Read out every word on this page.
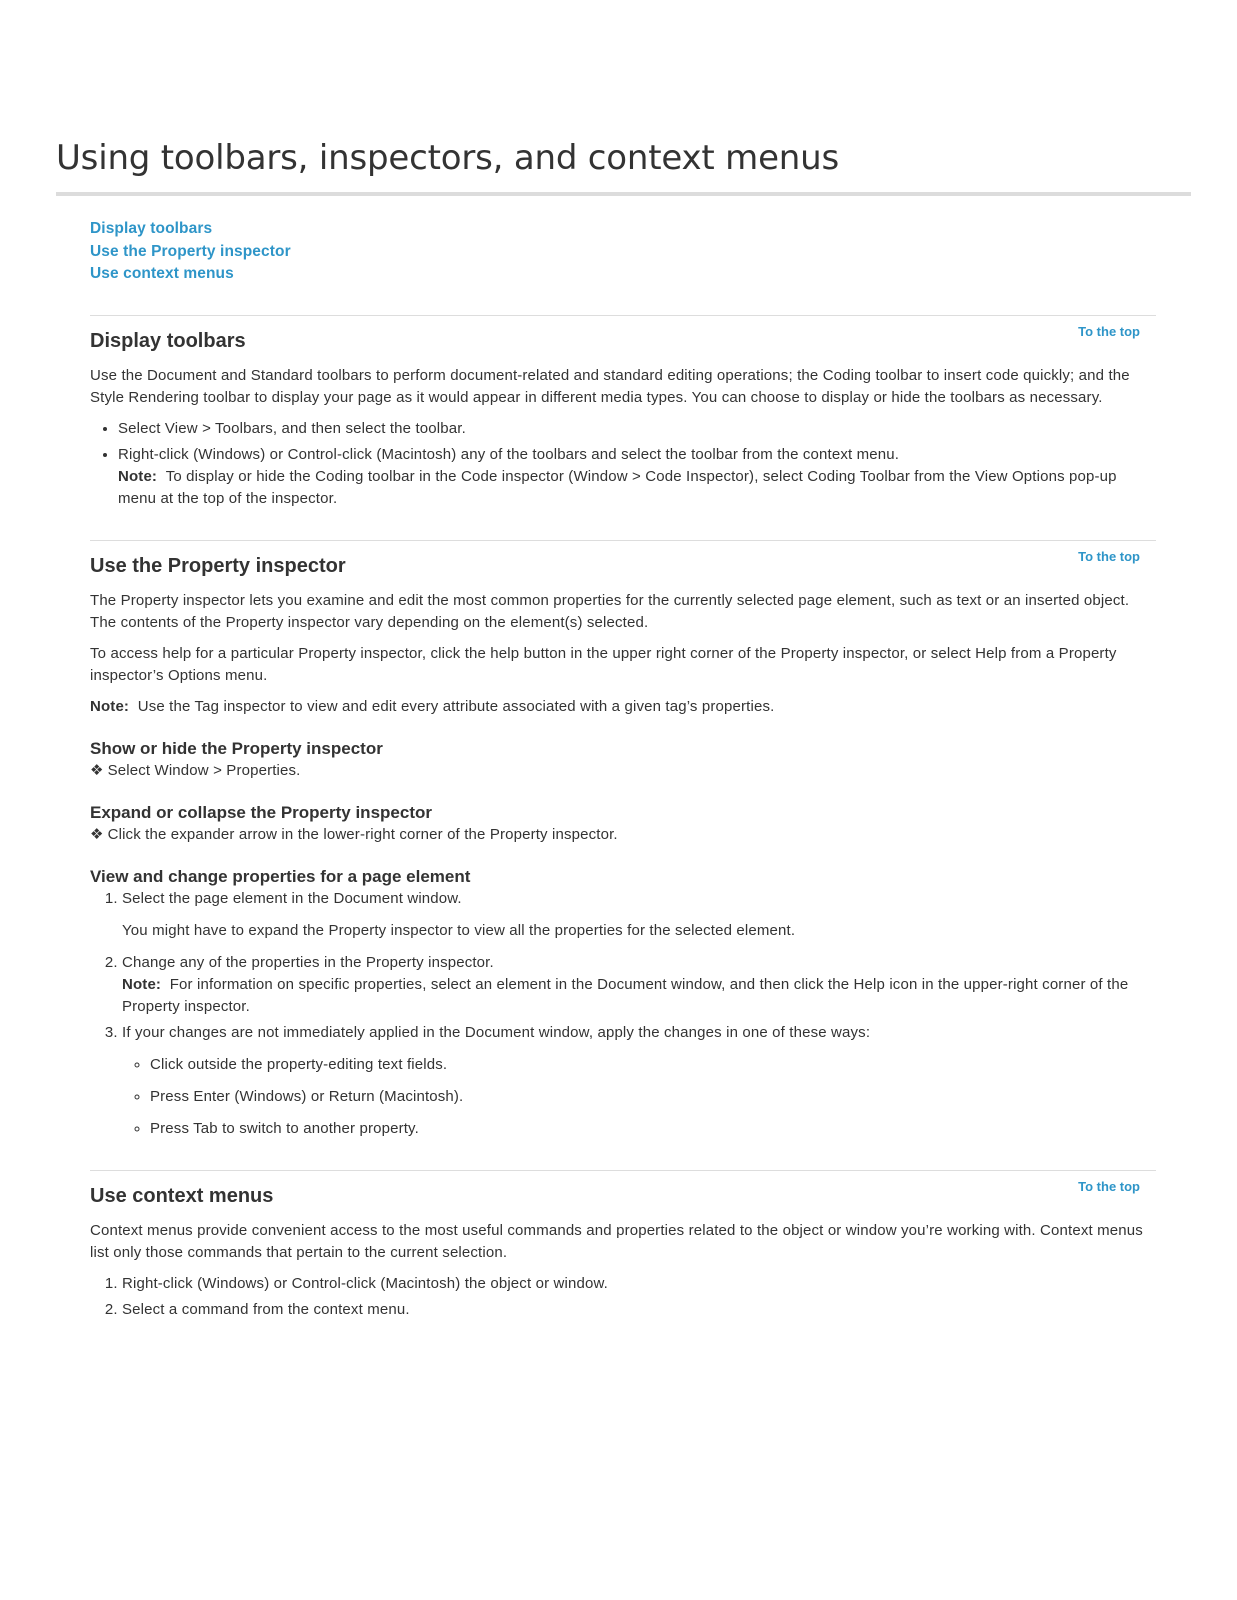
Using toolbars, inspectors, and context menus
Display toolbars
Use the Property inspector
Use context menus
To the top
Display toolbars

Use the Document and Standard toolbars to perform document-related and standard editing operations; the Coding toolbar to insert code quickly; and the Style Rendering toolbar to display your page as it would appear in different media types. You can choose to display or hide the toolbars as necessary.

• Select View > Toolbars, and then select the toolbar.
• Right-click (Windows) or Control-click (Macintosh) any of the toolbars and select the toolbar from the context menu.
Note: To display or hide the Coding toolbar in the Code inspector (Window > Code Inspector), select Coding Toolbar from the View Options pop-up menu at the top of the inspector.
To the top
Use the Property inspector

The Property inspector lets you examine and edit the most common properties for the currently selected page element, such as text or an inserted object. The contents of the Property inspector vary depending on the element(s) selected.

To access help for a particular Property inspector, click the help button in the upper right corner of the Property inspector, or select Help from a Property inspector’s Options menu.

Note: Use the Tag inspector to view and edit every attribute associated with a given tag’s properties.

Show or hide the Property inspector
❖ Select Window > Properties.
Expand or collapse the Property inspector
❖ Click the expander arrow in the lower-right corner of the Property inspector.
View and change properties for a page element
1. Select the page element in the Document window.

You might have to expand the Property inspector to view all the properties for the selected element.

2. Change any of the properties in the Property inspector.
Note: For information on specific properties, select an element in the Document window, and then click the Help icon in the upper-right corner of the Property inspector.
3. If your changes are not immediately applied in the Document window, apply the changes in one of these ways:
◦ Click outside the property-editing text fields.
◦ Press Enter (Windows) or Return (Macintosh).
◦ Press Tab to switch to another property.
To the top
Use context menus

Context menus provide convenient access to the most useful commands and properties related to the object or window you’re working with. Context menus list only those commands that pertain to the current selection.

1. Right-click (Windows) or Control-click (Macintosh) the object or window.
2. Select a command from the context menu.
